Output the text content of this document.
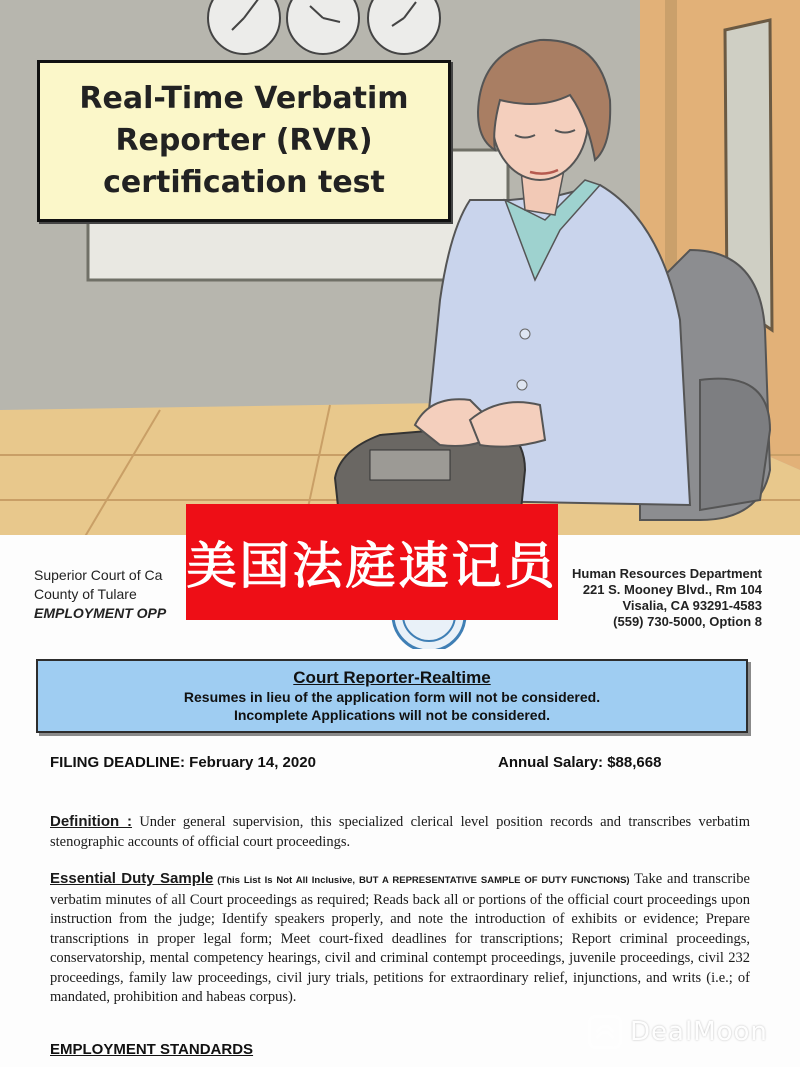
Real-Time Verbatim Reporter (RVR) certification test
美国法庭速记员
Superior Court of Ca
County of Tulare
EMPLOYMENT OPP
Human Resources Department
221 S. Mooney Blvd., Rm 104
Visalia, CA 93291-4583
(559) 730-5000, Option 8
Court Reporter-Realtime
Resumes in lieu of the application form will not be considered.
Incomplete Applications will not be considered.
FILING DEADLINE: February 14, 2020	Annual Salary: $88,668
Definition : Under general supervision, this specialized clerical level position records and transcribes verbatim stenographic accounts of official court proceedings.
Essential Duty Sample (This List Is Not All Inclusive, BUT A REPRESENTATIVE SAMPLE OF DUTY FUNCTIONS) Take and transcribe verbatim minutes of all Court proceedings as required; Reads back all or portions of the official court proceedings upon instruction from the judge; Identify speakers properly, and note the introduction of exhibits or evidence; Prepare transcriptions in proper legal form; Meet court-fixed deadlines for transcriptions; Report criminal proceedings, conservatorship, mental competency hearings, civil and criminal contempt proceedings, juvenile proceedings, civil 232 proceedings, family law proceedings, civil jury trials, petitions for extraordinary relief, injunctions, and writs (i.e.; of mandated, prohibition and habeas corpus).
EMPLOYMENT STANDARDS
DealMoon
